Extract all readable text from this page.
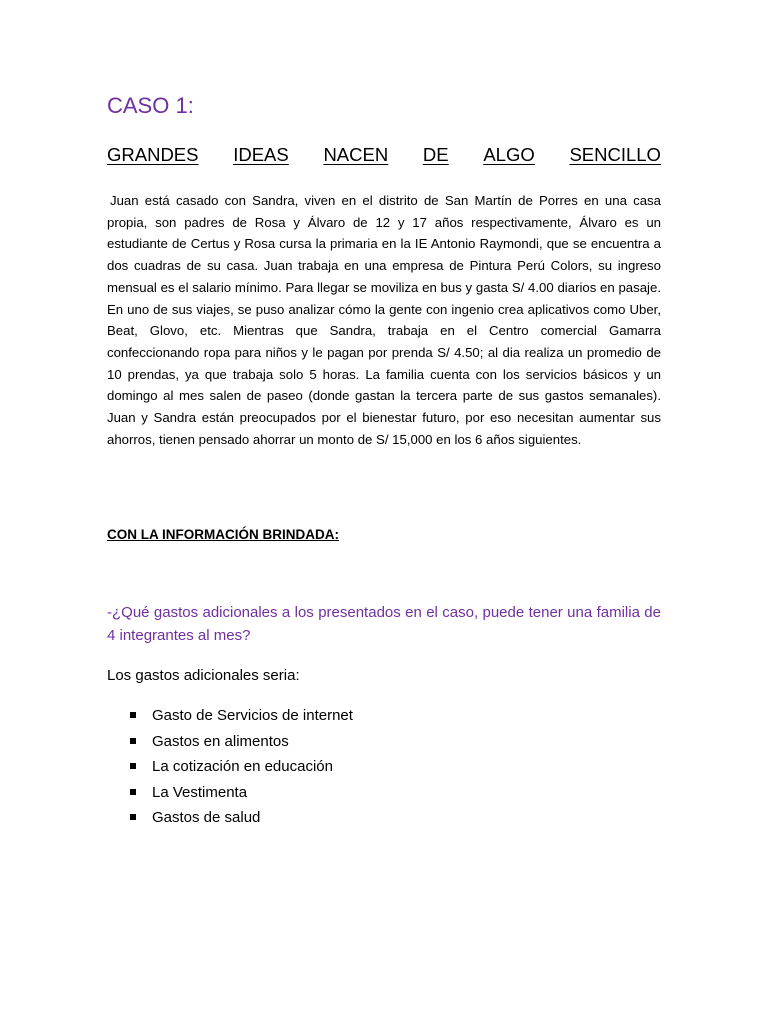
CASO 1:
GRANDES IDEAS NACEN DE ALGO SENCILLO

Juan está casado con Sandra, viven en el distrito de San Martín de Porres en una casa propia, son padres de Rosa y Álvaro de 12 y 17 años respectivamente, Álvaro es un estudiante de Certus y Rosa cursa la primaria en la IE Antonio Raymondi, que se encuentra a dos cuadras de su casa. Juan trabaja en una empresa de Pintura Perú Colors, su ingreso mensual es el salario mínimo. Para llegar se moviliza en bus y gasta S/ 4.00 diarios en pasaje. En uno de sus viajes, se puso analizar cómo la gente con ingenio crea aplicativos como Uber, Beat, Glovo, etc. Mientras que Sandra, trabaja en el Centro comercial Gamarra confeccionando ropa para niños y le pagan por prenda S/ 4.50; al dia realiza un promedio de 10 prendas, ya que trabaja solo 5 horas. La familia cuenta con los servicios básicos y un domingo al mes salen de paseo (donde gastan la tercera parte de sus gastos semanales). Juan y Sandra están preocupados por el bienestar futuro, por eso necesitan aumentar sus ahorros, tienen pensado ahorrar un monto de S/ 15,000 en los 6 años siguientes.

CON LA INFORMACIÓN BRINDADA:

-¿Qué gastos adicionales a los presentados en el caso, puede tener una familia de 4 integrantes al mes?

Los gastos adicionales seria:

Gasto de Servicios de internet
Gastos en alimentos
La cotización en educación
La Vestimenta
Gastos de salud
